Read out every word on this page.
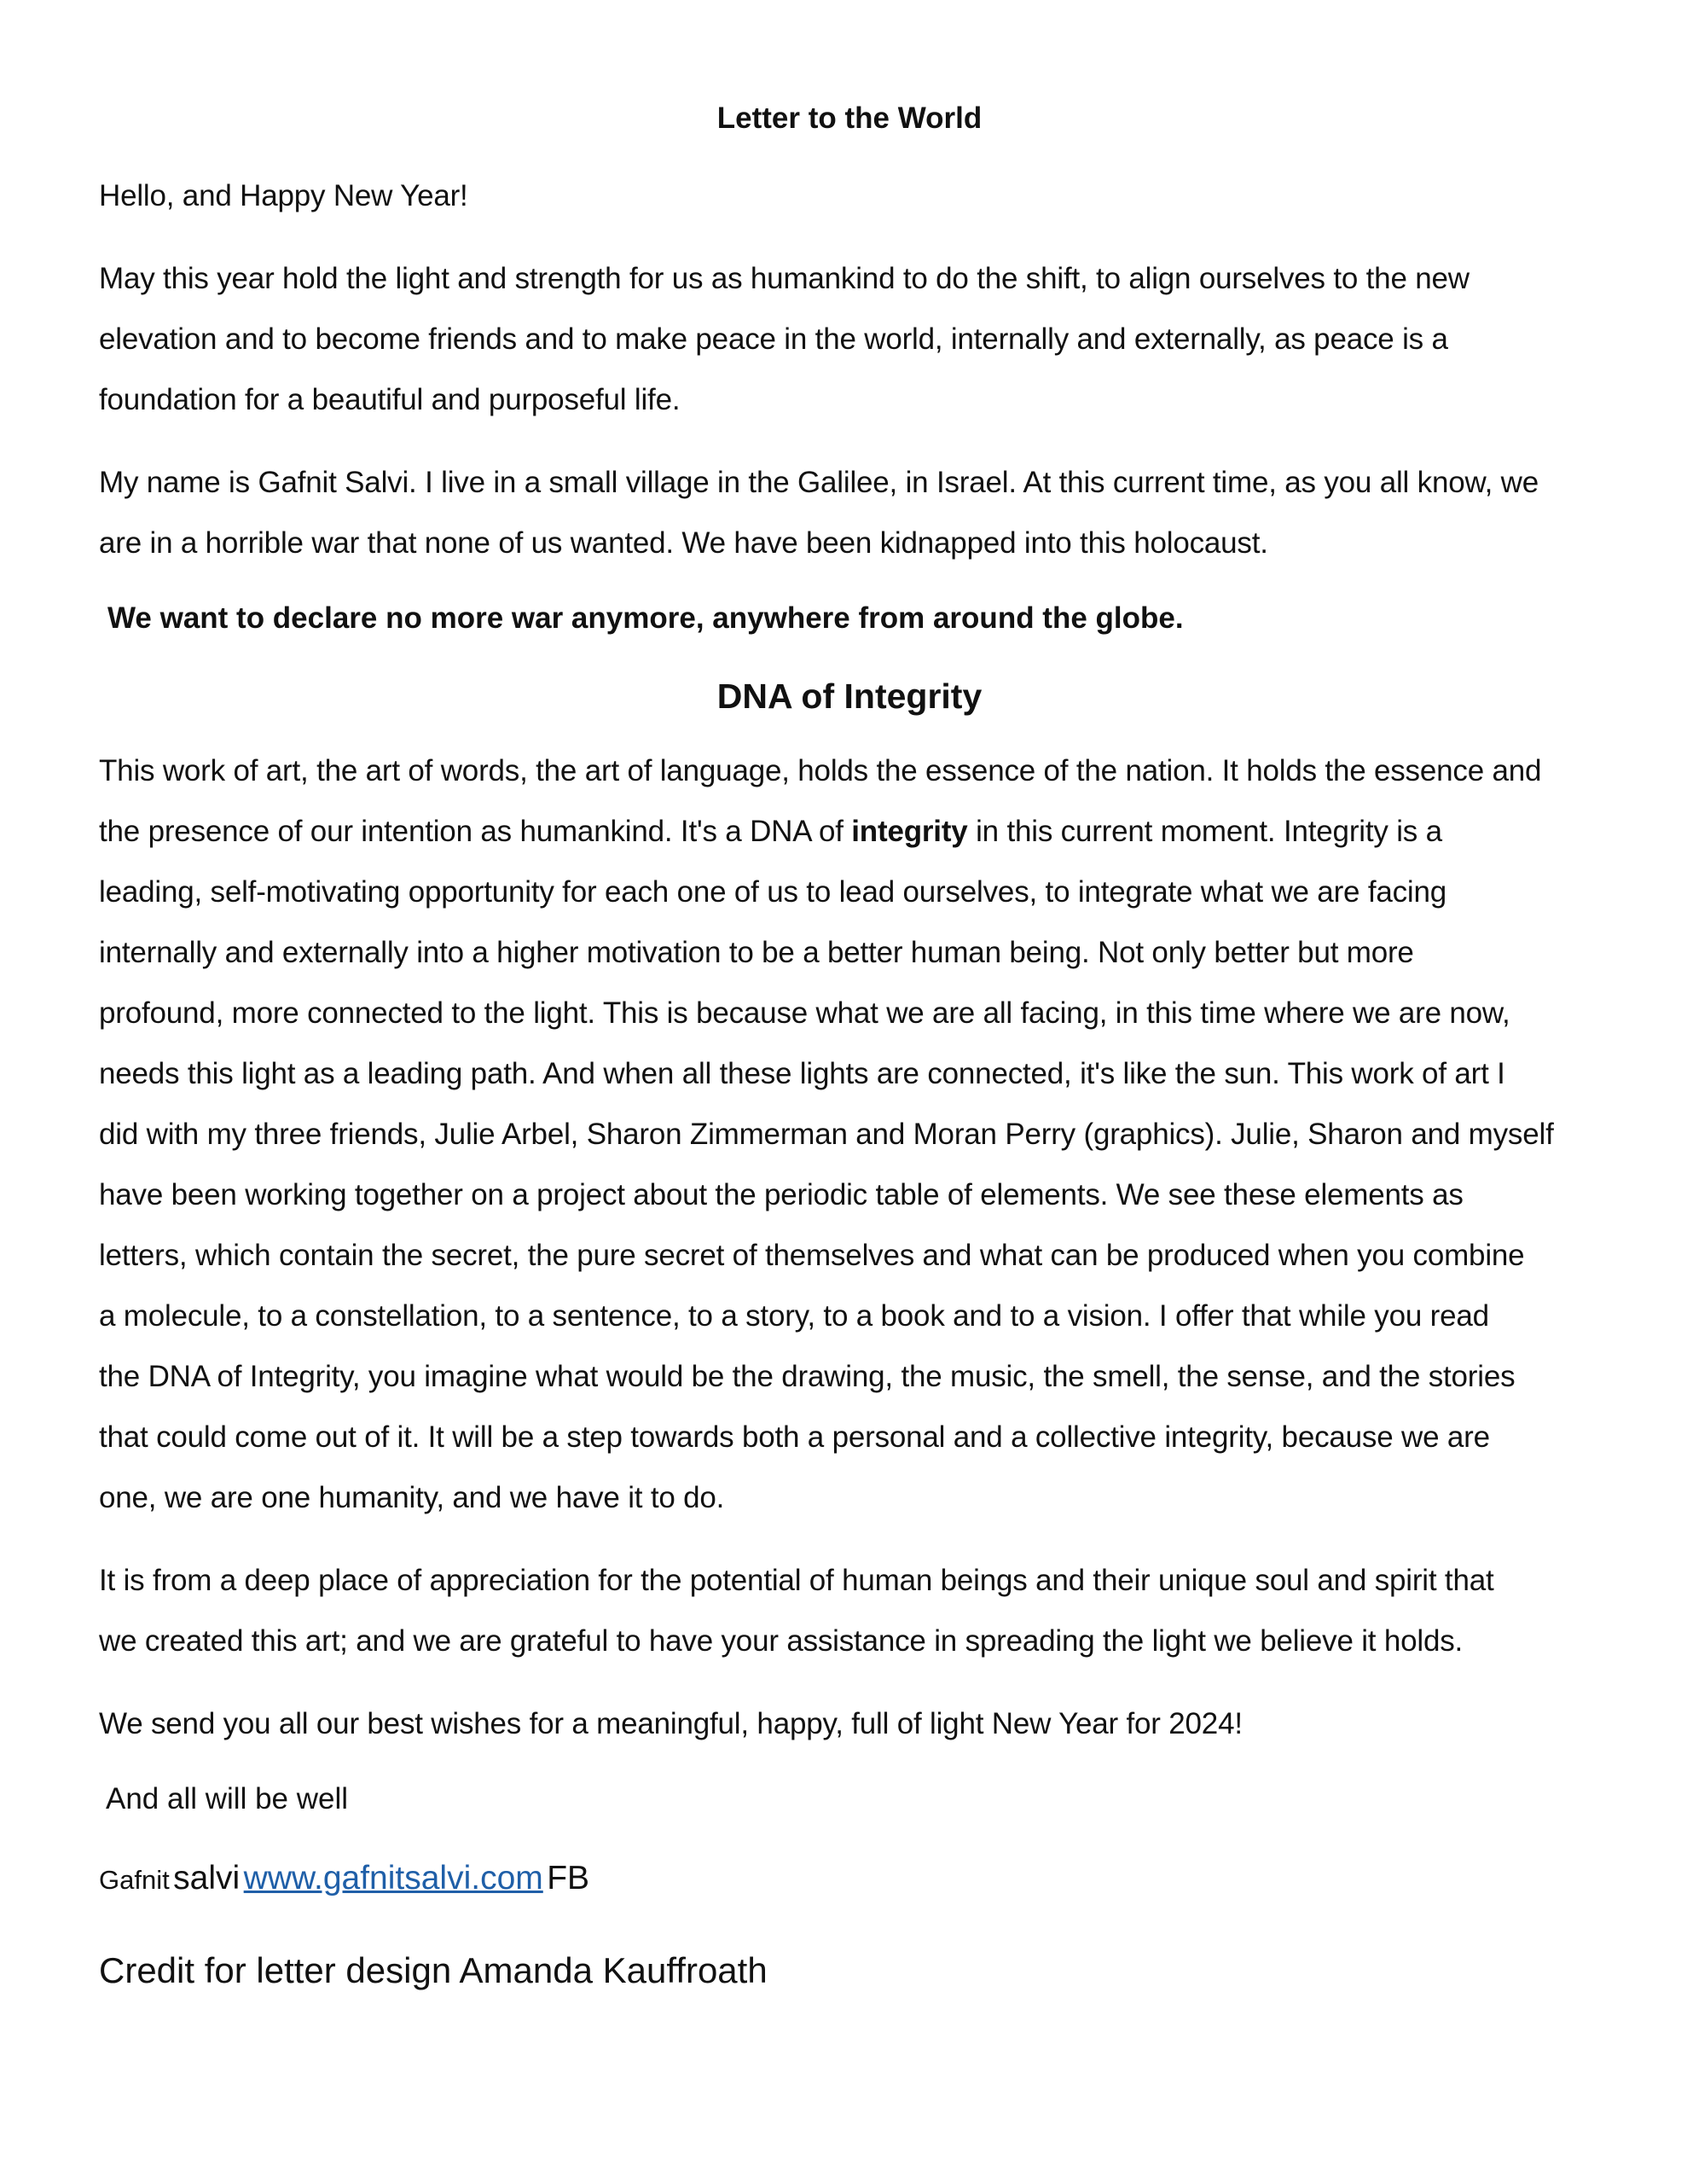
Letter to the World
Hello, and Happy New Year!
May this year hold the light and strength for us as humankind to do the shift, to align ourselves to the new
elevation and to become friends and to make peace in the world, internally and externally, as peace is a
foundation for a beautiful and purposeful life.
My name is Gafnit Salvi. I live in a small village in the Galilee, in Israel. At this current time, as you all know, we
are in a horrible war that none of us wanted. We have been kidnapped into this holocaust.
We want to declare no more war anymore, anywhere from around the globe.
DNA of Integrity
This work of art, the art of words, the art of language, holds the essence of the nation. It holds the essence and
the presence of our intention as humankind. It's a DNA of integrity in this current moment. Integrity is a
leading, self-motivating opportunity for each one of us to lead ourselves, to integrate what we are facing
internally and externally into a higher motivation to be a better human being. Not only better but more
profound, more connected to the light. This is because what we are all facing, in this time where we are now,
needs this light as a leading path. And when all these lights are connected, it's like the sun. This work of art I
did with my three friends, Julie Arbel, Sharon Zimmerman and Moran Perry (graphics). Julie, Sharon and myself
have been working together on a project about the periodic table of elements. We see these elements as
letters, which contain the secret, the pure secret of themselves and what can be produced when you combine
a molecule, to a constellation, to a sentence, to a story, to a book and to a vision. I offer that while you read
the DNA of Integrity, you imagine what would be the drawing, the music, the smell, the sense, and the stories
that could come out of it. It will be a step towards both a personal and a collective integrity, because we are
one, we are one humanity, and we have it to do.
It is from a deep place of appreciation for the potential of human beings and their unique soul and spirit that
we created this art; and we are grateful to have your assistance in spreading the light we believe it holds.
We send you all our best wishes for a meaningful, happy, full of light New Year for 2024!
And all will be well
Gafnit salvi www.gafnitsalvi.com FB
Credit for letter design Amanda Kauffroath
